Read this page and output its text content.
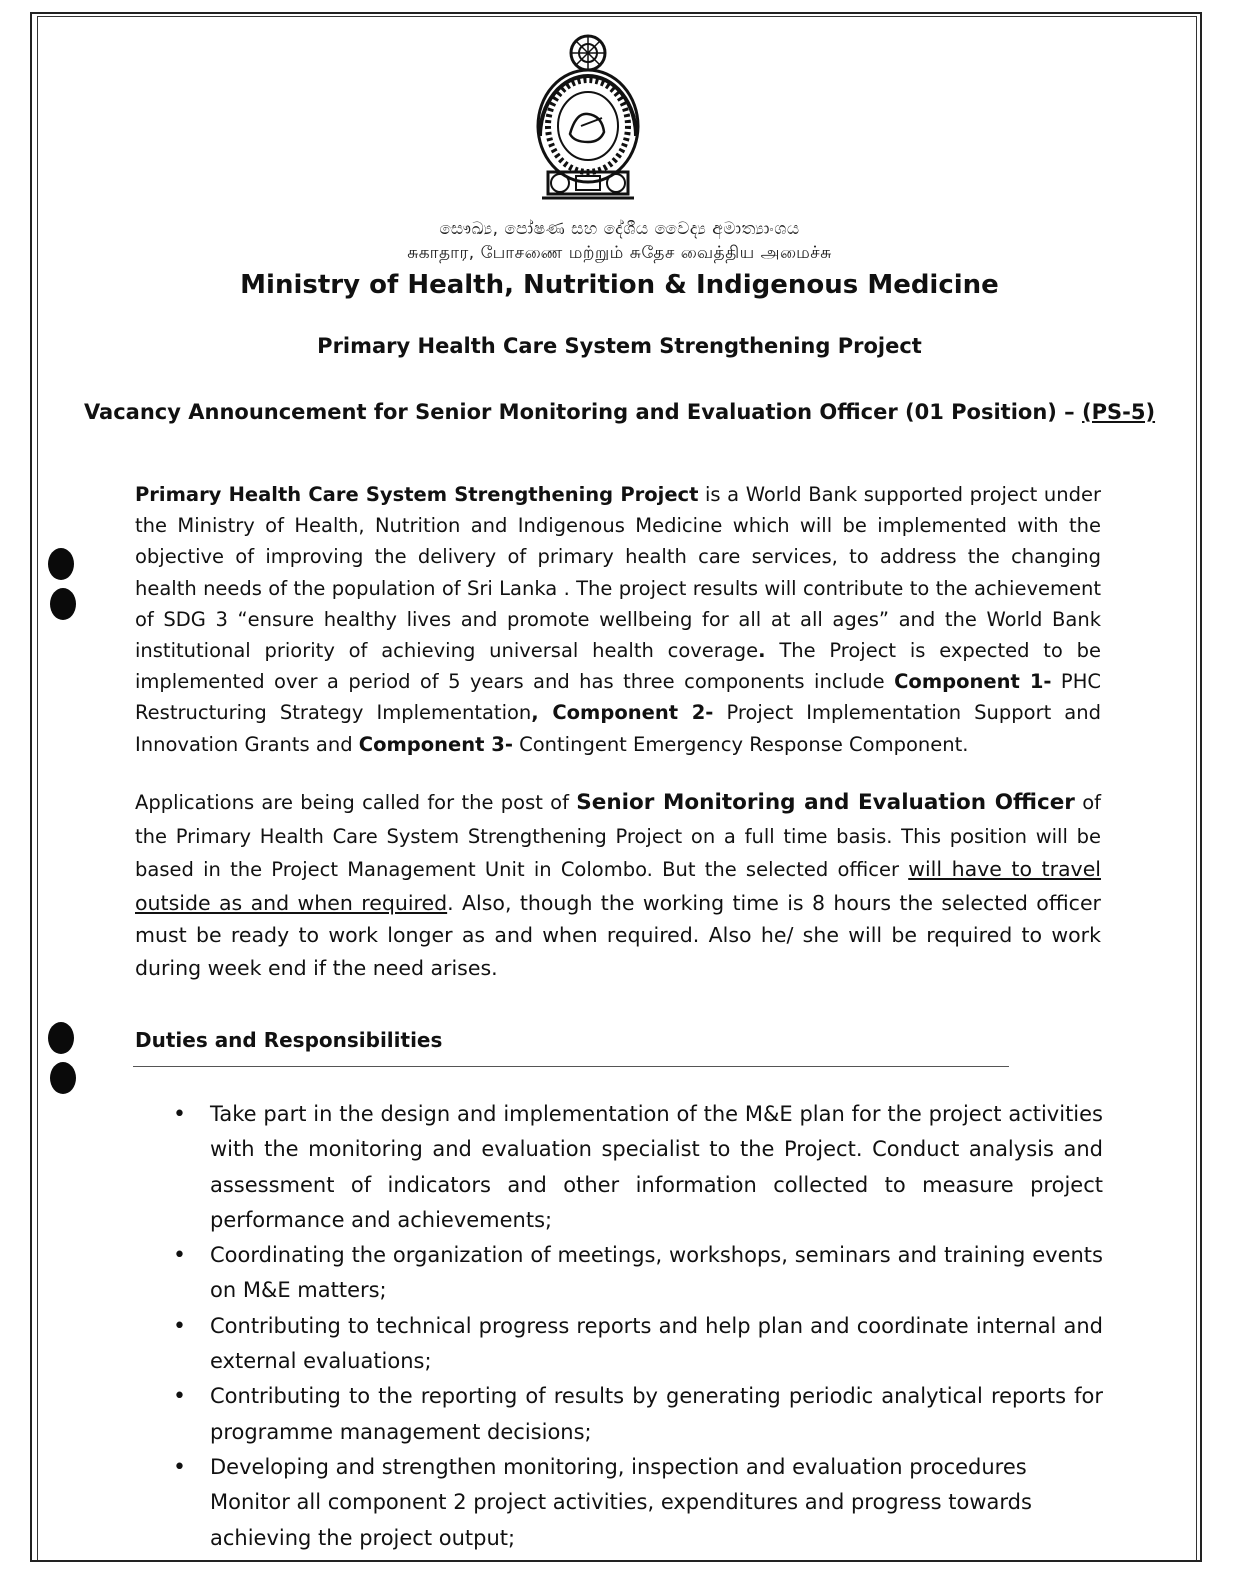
සෞඛ්‍ය, පෝෂණ සහ දේශීය වෛද්‍ය අමාත්‍යාංශය
சுகாதார, போசணை மற்றும் சுதேச வைத்திய அமைச்சு
Ministry of Health, Nutrition & Indigenous Medicine
Primary Health Care System Strengthening Project
Vacancy Announcement for Senior Monitoring and Evaluation Officer (01 Position) – (PS-5)
Primary Health Care System Strengthening Project is a World Bank supported project under the Ministry of Health, Nutrition and Indigenous Medicine which will be implemented with the objective of improving the delivery of primary health care services, to address the changing health needs of the population of Sri Lanka . The project results will contribute to the achievement of SDG 3 “ensure healthy lives and promote wellbeing for all at all ages” and the World Bank institutional priority of achieving universal health coverage. The Project is expected to be implemented over a period of 5 years and has three components include Component 1- PHC Restructuring Strategy Implementation, Component 2- Project Implementation Support and Innovation Grants and Component 3- Contingent Emergency Response Component.
Applications are being called for the post of Senior Monitoring and Evaluation Officer of the Primary Health Care System Strengthening Project on a full time basis. This position will be based in the Project Management Unit in Colombo. But the selected officer will have to travel outside as and when required. Also, though the working time is 8 hours the selected officer must be ready to work longer as and when required. Also he/ she will be required to work during week end if the need arises.
Duties and Responsibilities
• Take part in the design and implementation of the M&E plan for the project activities with the monitoring and evaluation specialist to the Project. Conduct analysis and assessment of indicators and other information collected to measure project performance and achievements;
• Coordinating the organization of meetings, workshops, seminars and training events on M&E matters;
• Contributing to technical progress reports and help plan and coordinate internal and external evaluations;
• Contributing to the reporting of results by generating periodic analytical reports for programme management decisions;
• Developing and strengthen monitoring, inspection and evaluation procedures
Monitor all component 2 project activities, expenditures and progress towards achieving the project output;
